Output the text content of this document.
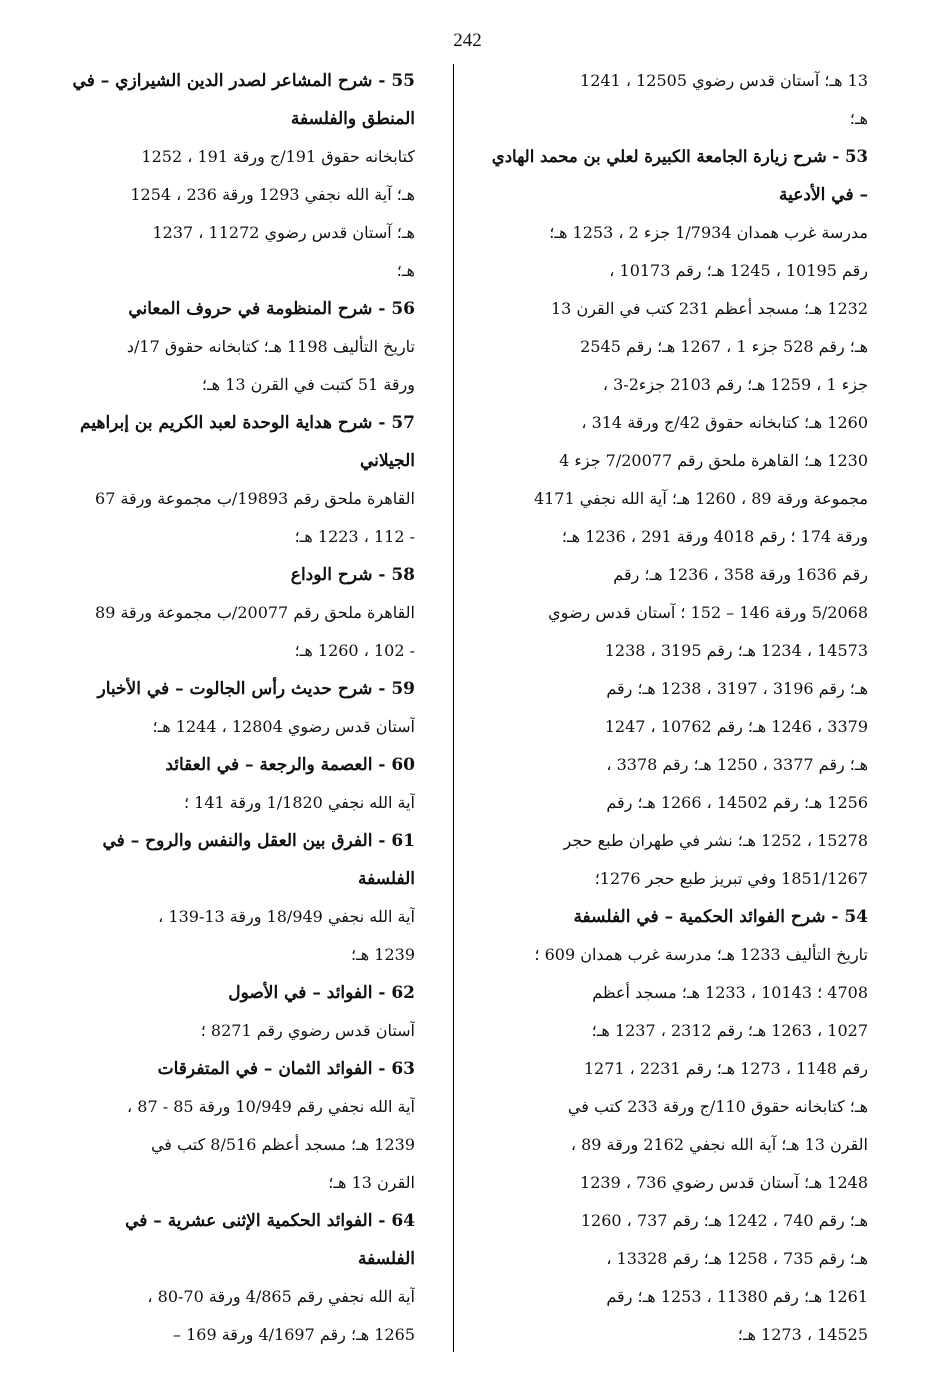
242
13 هـ؛ آستان قدس رضوي 12505 ، 1241
هـ؛
53 - شرح زيارة الجامعة الكبيرة لعلي بن محمد الهادي
– في الأدعية
مدرسة غرب همدان 1/7934 جزء 2 ، 1253 هـ؛
رقم 10195 ، 1245 هـ؛ رقم 10173 ،
1232 هـ؛ مسجد أعظم 231 كتب في القرن 13
هـ؛ رقم 528 جزء 1 ، 1267 هـ؛ رقم 2545
جزء 1 ، 1259 هـ؛ رقم 2103 جزء2-3 ،
1260 هـ؛ كتابخانه حقوق 42/ج ورقة 314 ،
1230 هـ؛ القاهرة ملحق رقم 7/20077 جزء 4
مجموعة ورقة 89 ، 1260 هـ؛ آية الله نجفي 4171
ورقة 174 ؛ رقم 4018 ورقة 291 ، 1236 هـ؛
رقم 1636 ورقة 358 ، 1236 هـ؛ رقم
5/2068 ورقة 146 – 152 ؛ آستان قدس رضوي
14573 ، 1234 هـ؛ رقم 3195 ، 1238
هـ؛ رقم 3196 ، 3197 ، 1238 هـ؛ رقم
3379 ، 1246 هـ؛ رقم 10762 ، 1247
هـ؛ رقم 3377 ، 1250 هـ؛ رقم 3378 ،
1256 هـ؛ رقم 14502 ، 1266 هـ؛ رقم
15278 ، 1252 هـ؛ نشر في طهران طبع حجر
1851/1267 وفي تبريز طبع حجر 1276؛
54 - شرح الفوائد الحكمية – في الفلسفة
تاريخ التأليف 1233 هـ؛ مدرسة غرب همدان 609 ؛
4708 ؛ 10143 ، 1233 هـ؛ مسجد أعظم
1027 ، 1263 هـ؛ رقم 2312 ، 1237 هـ؛
رقم 1148 ، 1273 هـ؛ رقم 2231 ، 1271
هـ؛ كتابخانه حقوق 110/ج ورقة 233 كتب في
القرن 13 هـ؛ آية الله نجفي 2162 ورقة 89 ،
1248 هـ؛ آستان قدس رضوي 736 ، 1239
هـ؛ رقم 740 ، 1242 هـ؛ رقم 737 ، 1260
هـ؛ رقم 735 ، 1258 هـ؛ رقم 13328 ،
1261 هـ؛ رقم 11380 ، 1253 هـ؛ رقم
14525 ، 1273 هـ؛
55 - شرح المشاعر لصدر الدين الشيرازي – في
المنطق والفلسفة
كتابخانه حقوق 191/ج ورقة 191 ، 1252
هـ؛ آية الله نجفي 1293 ورقة 236 ، 1254
هـ؛ آستان قدس رضوي 11272 ، 1237
هـ؛
56 - شرح المنظومة في حروف المعاني
تاريخ التأليف 1198 هـ؛ كتابخانه حقوق 17/د
ورقة 51 كتبت في القرن 13 هـ؛
57 - شرح هداية الوحدة لعبد الكريم بن إبراهيم
الجيلاني
القاهرة ملحق رقم 19893/ب مجموعة ورقة 67
- 112 ، 1223 هـ؛
58 - شرح الوداع
القاهرة ملحق رقم 20077/ب مجموعة ورقة 89
- 102 ، 1260 هـ؛
59 - شرح حديث رأس الجالوت – في الأخبار
آستان قدس رضوي 12804 ، 1244 هـ؛
60 - العصمة والرجعة – في العقائد
آية الله نجفي 1/1820 ورقة 141 ؛
61 - الفرق بين العقل والنفس والروح – في
الفلسفة
آية الله نجفي 18/949 ورقة 13-139 ،
1239 هـ؛
62 - الفوائد – في الأصول
آستان قدس رضوي رقم 8271 ؛
63 - الفوائد الثمان – في المتفرقات
آية الله نجفي رقم 10/949 ورقة 85 - 87 ،
1239 هـ؛ مسجد أعظم 8/516 كتب في
القرن 13 هـ؛
64 - الفوائد الحكمية الإثنى عشرية – في
الفلسفة
آية الله نجفي رقم 4/865 ورقة 70-80 ،
1265 هـ؛ رقم 4/1697 ورقة 169 –
